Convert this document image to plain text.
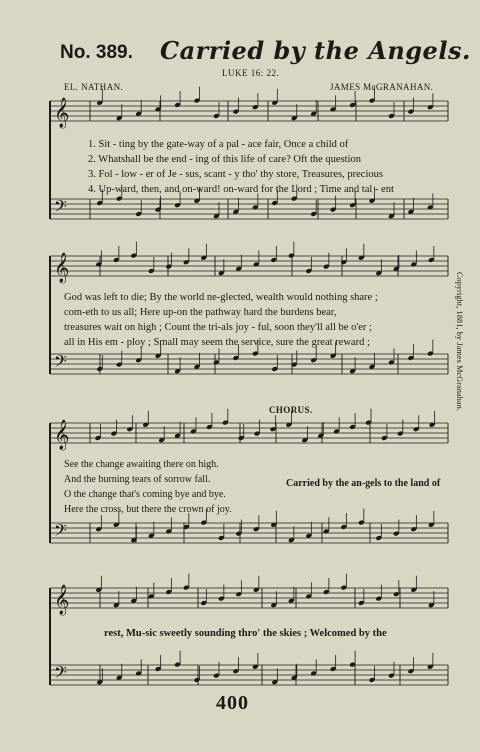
No. 389. Carried by the Angels.
LUKE 16: 22.
EL. NATHAN.	JAMES McGRANAHAN.
𝄞
𝄢
𝄞
𝄢
𝄞
𝄢
𝄞
𝄢
1. Sit - ting by the gate-way of a pal - ace fair, Once a child of
2. Whatshall be the end - ing of this life of care? Oft the question
3. Fol - low - er of Je - sus, scant - y tho' thy store, Treasures, precious
4. Up-ward, then, and on-ward! on-ward for the Lord ; Time and tal - ent
God was left to die; By the world ne-glected, wealth would nothing share ;
com-eth to us all; Here up-on the pathway hard the burdens bear,
treasures wait on high ; Count the tri-als joy - ful, soon they'll all be o'er ;
all in His em - ploy ; Small may seem the service, sure the great reward ;	Copyright, 1881, by James McGranahan.
CHORUS.
See the change awaiting there on high.
And the burning tears of sorrow fall.
O the change that's coming bye and bye.
Here the cross, but there the crown of joy.
Carried by the an-gels to the land of
rest, Mu-sic sweetly sounding thro' the skies ; Welcomed by the
400
